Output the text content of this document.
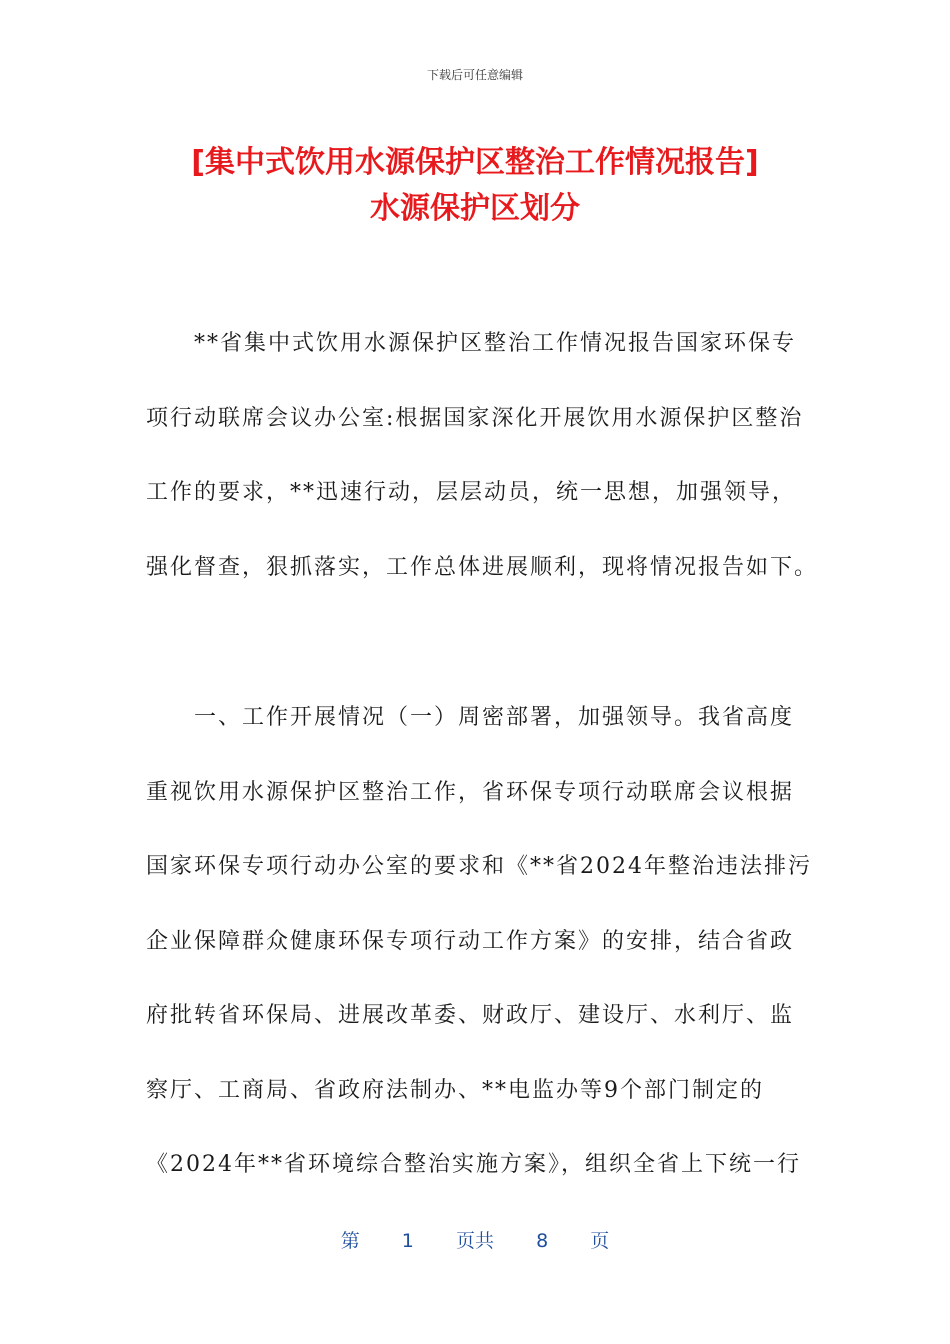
下载后可任意编辑
[集中式饮用水源保护区整治工作情况报告]
水源保护区划分
　　**省集中式饮用水源保护区整治工作情况报告国家环保专
项行动联席会议办公室:根据国家深化开展饮用水源保护区整治
工作的要求，**迅速行动，层层动员，统一思想，加强领导，
强化督查，狠抓落实，工作总体进展顺利，现将情况报告如下。
　　一、工作开展情况（一）周密部署，加强领导。我省高度
重视饮用水源保护区整治工作，省环保专项行动联席会议根据
国家环保专项行动办公室的要求和《**省2024年整治违法排污
企业保障群众健康环保专项行动工作方案》的安排，结合省政
府批转省环保局、进展改革委、财政厅、建设厅、水利厅、监
察厅、工商局、省政府法制办、**电监办等9个部门制定的
《2024年**省环境综合整治实施方案》，组织全省上下统一行
第 1 页共 8 页
